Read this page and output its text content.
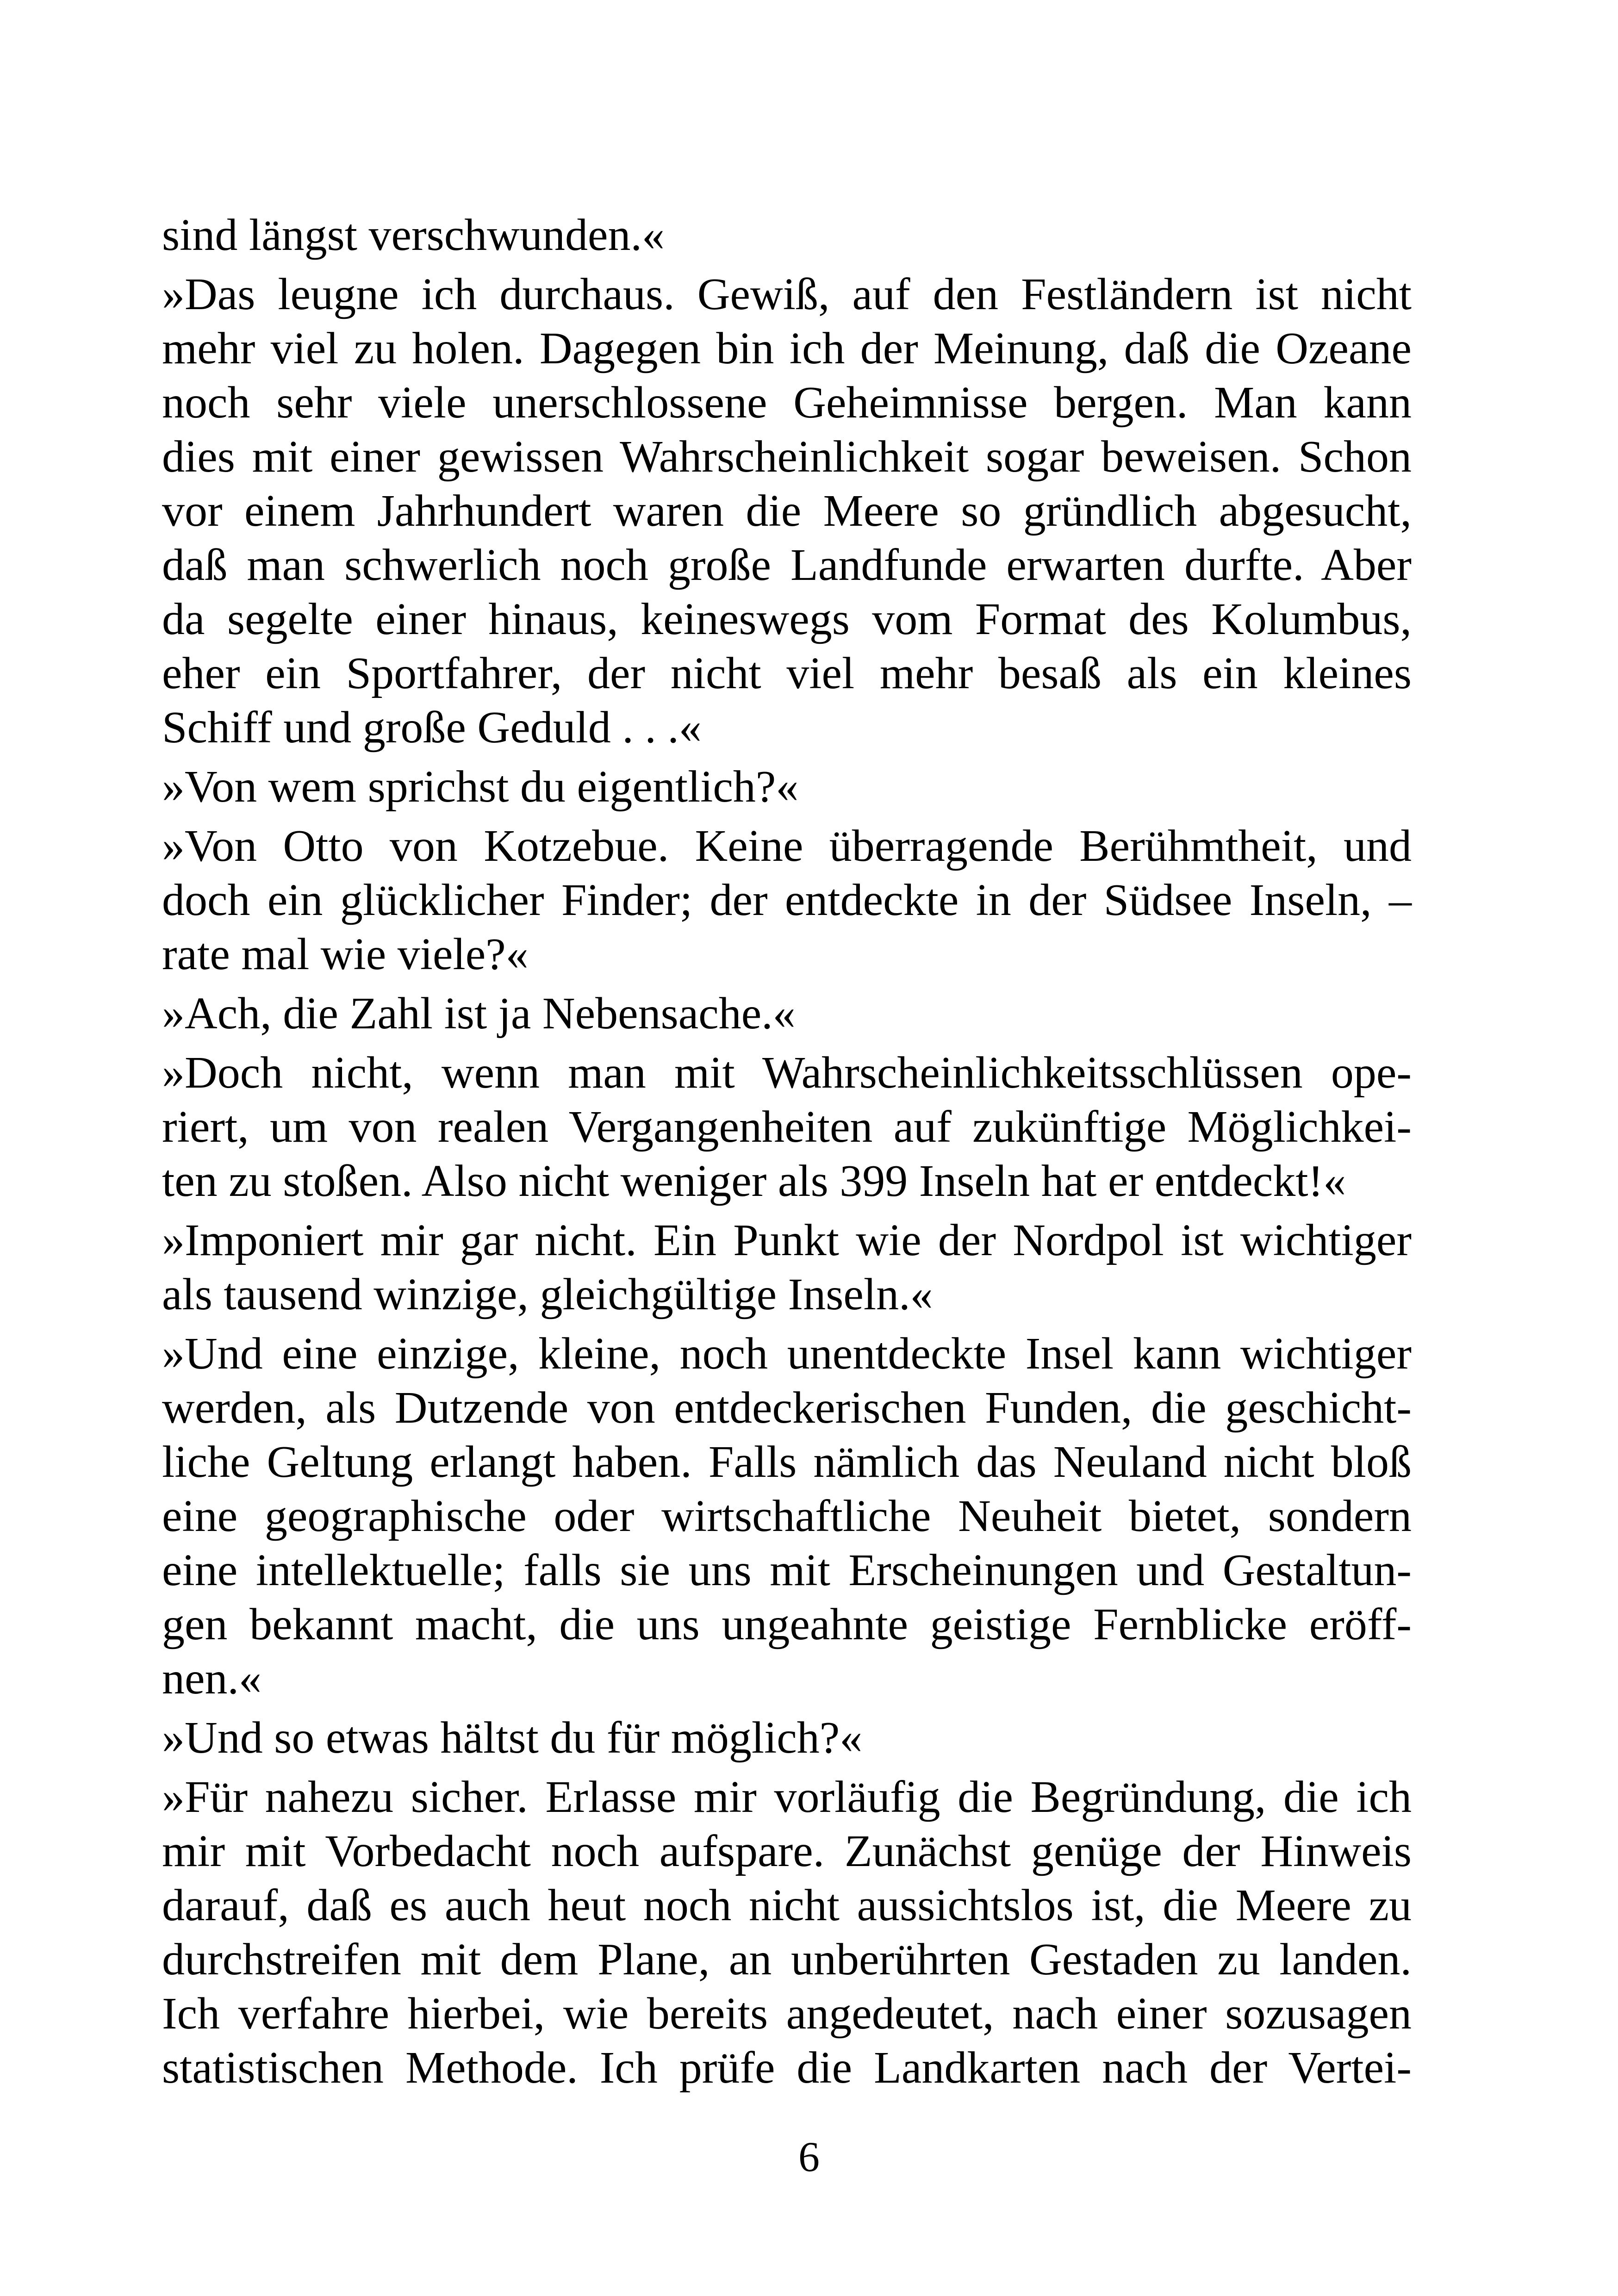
sind längst verschwunden.«
»Das leugne ich durchaus. Gewiß, auf den Festländern ist nicht
mehr viel zu holen. Dagegen bin ich der Meinung, daß die Ozeane
noch sehr viele unerschlossene Geheimnisse bergen. Man kann
dies mit einer gewissen Wahrscheinlichkeit sogar beweisen. Schon
vor einem Jahrhundert waren die Meere so gründlich abgesucht,
daß man schwerlich noch große Landfunde erwarten durfte. Aber
da segelte einer hinaus, keineswegs vom Format des Kolumbus,
eher ein Sportfahrer, der nicht viel mehr besaß als ein kleines
Schiff und große Geduld . . .«
»Von wem sprichst du eigentlich?«
»Von Otto von Kotzebue. Keine überragende Berühmtheit, und
doch ein glücklicher Finder; der entdeckte in der Südsee Inseln, –
rate mal wie viele?«
»Ach, die Zahl ist ja Nebensache.«
»Doch nicht, wenn man mit Wahrscheinlichkeitsschlüssen ope-
riert, um von realen Vergangenheiten auf zukünftige Möglichkei-
ten zu stoßen. Also nicht weniger als 399 Inseln hat er entdeckt!«
»Imponiert mir gar nicht. Ein Punkt wie der Nordpol ist wichtiger
als tausend winzige, gleichgültige Inseln.«
»Und eine einzige, kleine, noch unentdeckte Insel kann wichtiger
werden, als Dutzende von entdeckerischen Funden, die geschicht-
liche Geltung erlangt haben. Falls nämlich das Neuland nicht bloß
eine geographische oder wirtschaftliche Neuheit bietet, sondern
eine intellektuelle; falls sie uns mit Erscheinungen und Gestaltun-
gen bekannt macht, die uns ungeahnte geistige Fernblicke eröff-
nen.«
»Und so etwas hältst du für möglich?«
»Für nahezu sicher. Erlasse mir vorläufig die Begründung, die ich
mir mit Vorbedacht noch aufspare. Zunächst genüge der Hinweis
darauf, daß es auch heut noch nicht aussichtslos ist, die Meere zu
durchstreifen mit dem Plane, an unberührten Gestaden zu landen.
Ich verfahre hierbei, wie bereits angedeutet, nach einer sozusagen
statistischen Methode. Ich prüfe die Landkarten nach der Vertei-
6
